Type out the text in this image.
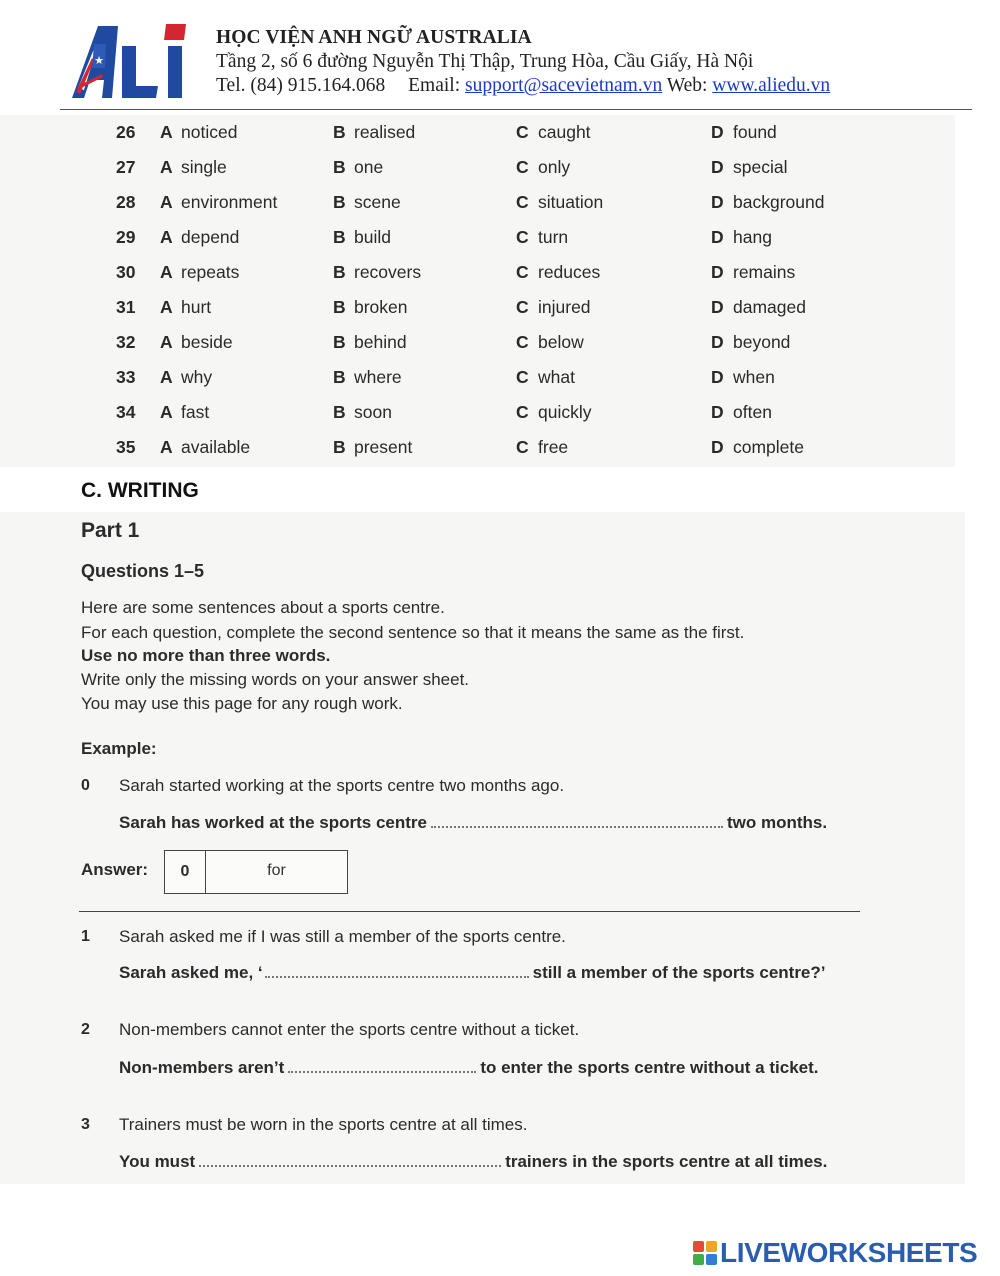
★
HỌC VIỆN ANH NGỮ AUSTRALIA
Tầng 2, số 6 đường Nguyễn Thị Thập, Trung Hòa, Cầu Giấy, Hà Nội
Tel. (84) 915.164.068 Email: support@sacevietnam.vn Web: www.aliedu.vn
26 A noticed	B realised	C caught	D found
27 A single	B one	C only	D special
28 A environment	B scene	C situation	D background
29 A depend	B build	C turn	D hang
30 A repeats	B recovers	C reduces	D remains
31 A hurt	B broken	C injured	D damaged
32 A beside	B behind	C below	D beyond
33 A why	B where	C what	D when
34 A fast	B soon	C quickly	D often
35 A available	B present	C free	D complete
C. WRITING
Part 1
Questions 1–5
Here are some sentences about a sports centre.
For each question, complete the second sentence so that it means the same as the first.
Use no more than three words.
Write only the missing words on your answer sheet.
You may use this page for any rough work.
Example:
0 Sarah started working at the sports centre two months ago.
Sarah has worked at the sports centre	two months.
Answer:	0	for
1 Sarah asked me if I was still a member of the sports centre.
Sarah asked me, ‘	still a member of the sports centre?’
2 Non-members cannot enter the sports centre without a ticket.
Non-members aren’t	to enter the sports centre without a ticket.
3 Trainers must be worn in the sports centre at all times.
You must	trainers in the sports centre at all times.
LIVEWORKSHEETS
